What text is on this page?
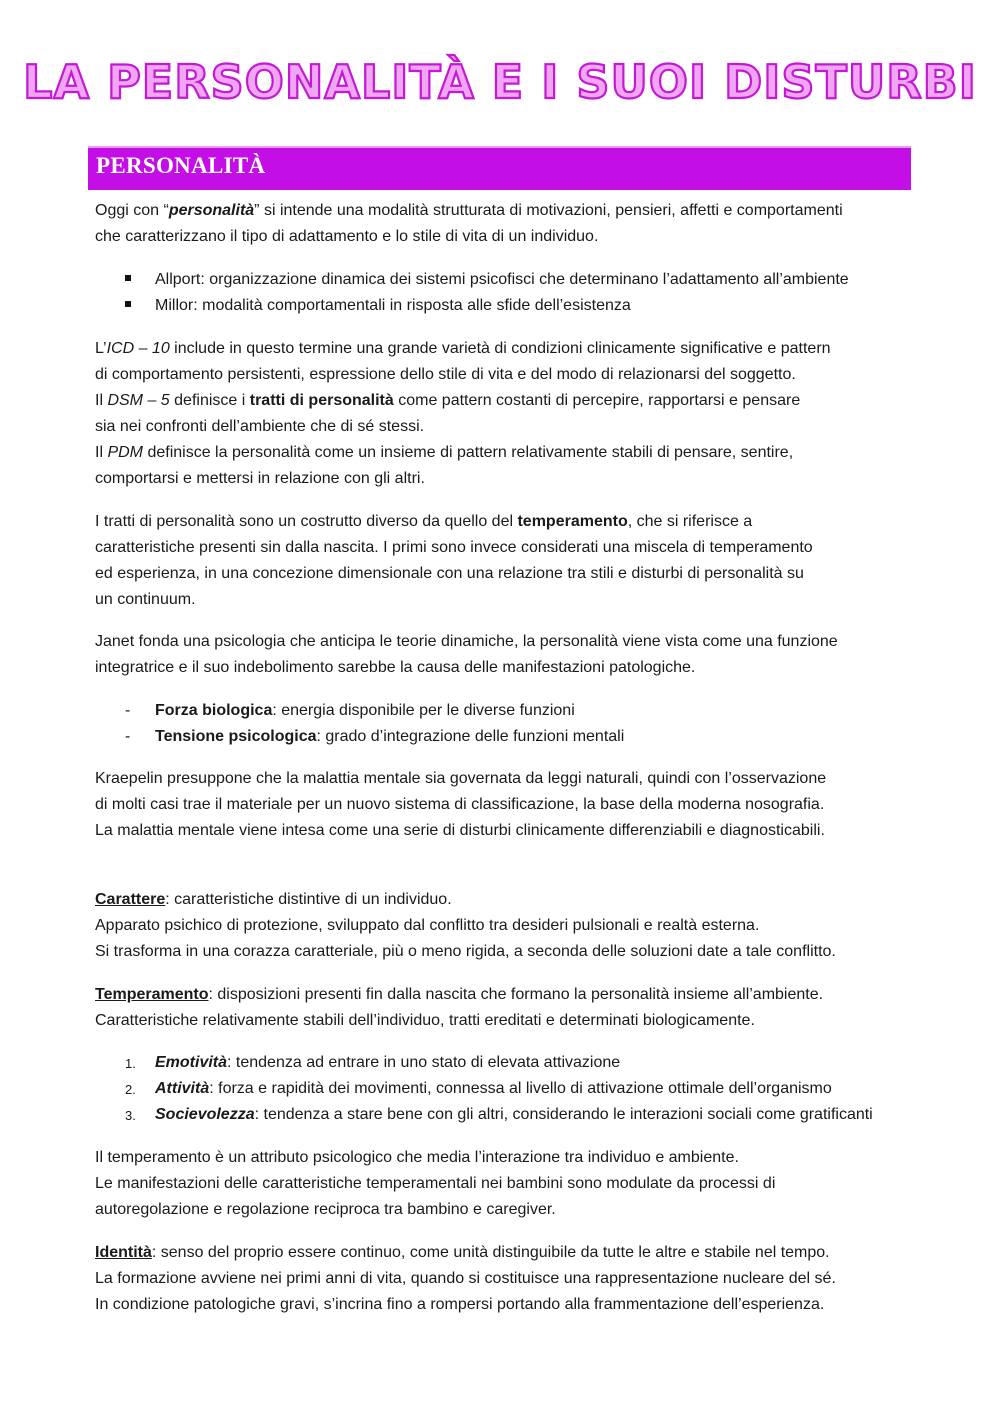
LA PERSONALITÀ E I SUOI DISTURBI
PERSONALITÀ
Oggi con “personalità” si intende una modalità strutturata di motivazioni, pensieri, affetti e comportamenti
che caratterizzano il tipo di adattamento e lo stile di vita di un individuo.
Allport: organizzazione dinamica dei sistemi psicofisci che determinano l’adattamento all’ambiente
Millor: modalità comportamentali in risposta alle sfide dell’esistenza
L’ICD – 10 include in questo termine una grande varietà di condizioni clinicamente significative e pattern
di comportamento persistenti, espressione dello stile di vita e del modo di relazionarsi del soggetto.
Il DSM – 5 definisce i tratti di personalità come pattern costanti di percepire, rapportarsi e pensare
sia nei confronti dell’ambiente che di sé stessi.
Il PDM definisce la personalità come un insieme di pattern relativamente stabili di pensare, sentire,
comportarsi e mettersi in relazione con gli altri.
I tratti di personalità sono un costrutto diverso da quello del temperamento, che si riferisce a
caratteristiche presenti sin dalla nascita. I primi sono invece considerati una miscela di temperamento
ed esperienza, in una concezione dimensionale con una relazione tra stili e disturbi di personalità su
un continuum.
Janet fonda una psicologia che anticipa le teorie dinamiche, la personalità viene vista come una funzione
integratrice e il suo indebolimento sarebbe la causa delle manifestazioni patologiche.
- Forza biologica: energia disponibile per le diverse funzioni
- Tensione psicologica: grado d’integrazione delle funzioni mentali
Kraepelin presuppone che la malattia mentale sia governata da leggi naturali, quindi con l’osservazione
di molti casi trae il materiale per un nuovo sistema di classificazione, la base della moderna nosografia.
La malattia mentale viene intesa come una serie di disturbi clinicamente differenziabili e diagnosticabili.
Carattere: caratteristiche distintive di un individuo.
Apparato psichico di protezione, sviluppato dal conflitto tra desideri pulsionali e realtà esterna.
Si trasforma in una corazza caratteriale, più o meno rigida, a seconda delle soluzioni date a tale conflitto.
Temperamento: disposizioni presenti fin dalla nascita che formano la personalità insieme all’ambiente.
Caratteristiche relativamente stabili dell’individuo, tratti ereditati e determinati biologicamente.
1. Emotività: tendenza ad entrare in uno stato di elevata attivazione
2. Attività: forza e rapidità dei movimenti, connessa al livello di attivazione ottimale dell’organismo
3. Socievolezza: tendenza a stare bene con gli altri, considerando le interazioni sociali come gratificanti
Il temperamento è un attributo psicologico che media l’interazione tra individuo e ambiente.
Le manifestazioni delle caratteristiche temperamentali nei bambini sono modulate da processi di
autoregolazione e regolazione reciproca tra bambino e caregiver.
Identità: senso del proprio essere continuo, come unità distinguibile da tutte le altre e stabile nel tempo.
La formazione avviene nei primi anni di vita, quando si costituisce una rappresentazione nucleare del sé.
In condizione patologiche gravi, s’incrina fino a rompersi portando alla frammentazione dell’esperienza.
